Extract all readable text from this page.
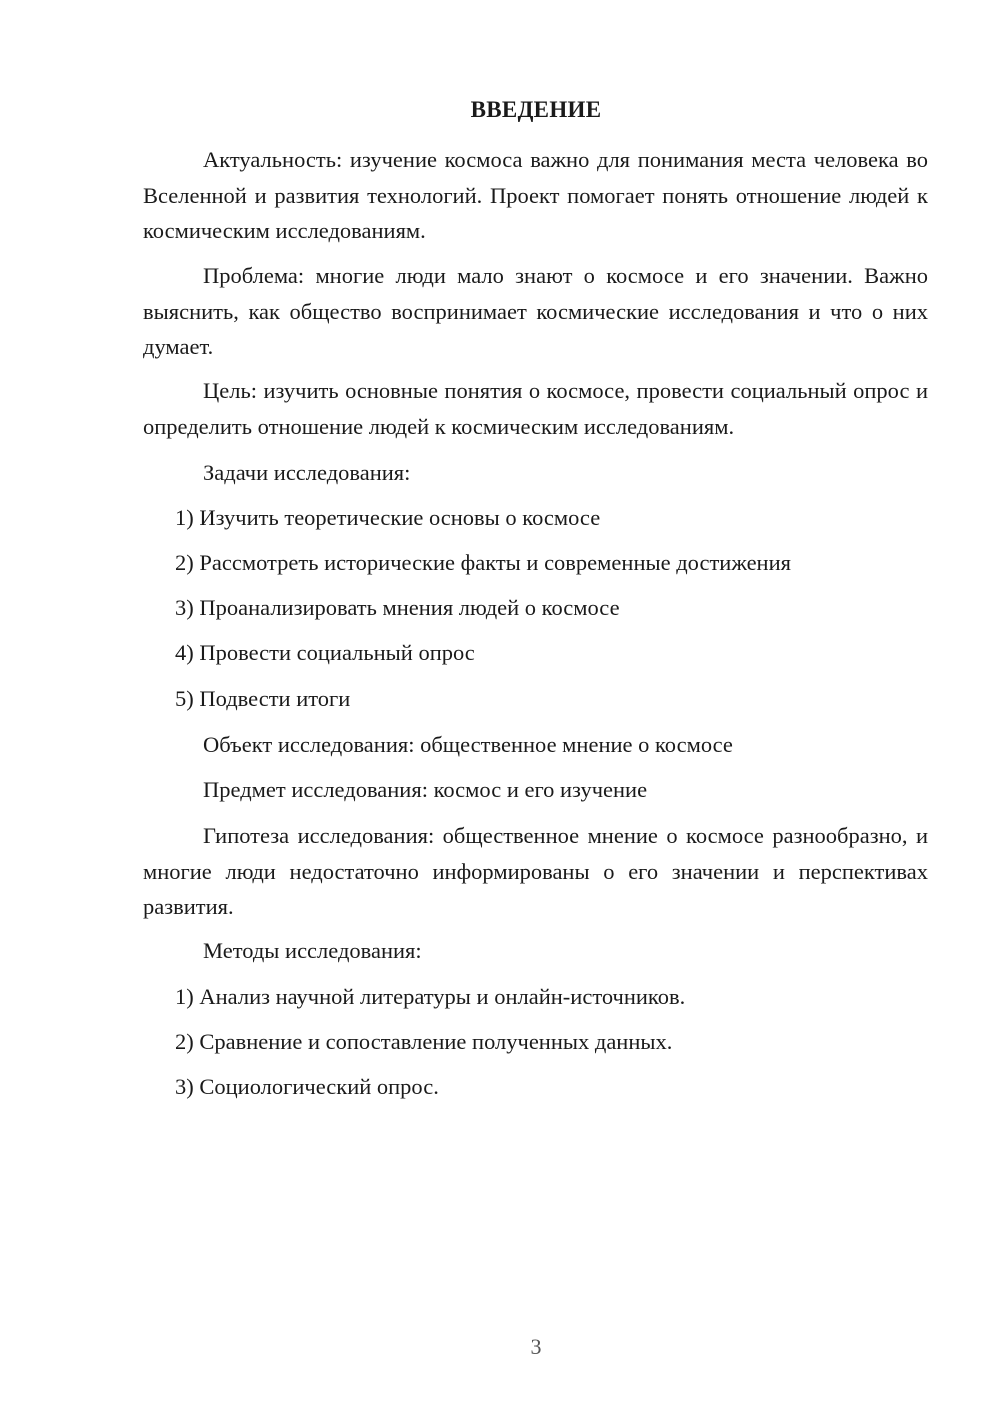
ВВЕДЕНИЕ

Актуальность: изучение космоса важно для понимания места человека во Вселенной и развития технологий. Проект помогает понять отношение людей к космическим исследованиям.

Проблема: многие люди мало знают о космосе и его значении. Важно выяснить, как общество воспринимает космические исследования и что о них думает.

Цель: изучить основные понятия о космосе, провести социальный опрос и определить отношение людей к космическим исследованиям.

Задачи исследования:

1) Изучить теоретические основы о космосе

2) Рассмотреть исторические факты и современные достижения

3) Проанализировать мнения людей о космосе

4) Провести социальный опрос

5) Подвести итоги

Объект исследования: общественное мнение о космосе

Предмет исследования: космос и его изучение

Гипотеза исследования: общественное мнение о космосе разнообразно, и многие люди недостаточно информированы о его значении и перспективах развития.

Методы исследования:

1) Анализ научной литературы и онлайн-источников.

2) Сравнение и сопоставление полученных данных.

3) Социологический опрос.

3
